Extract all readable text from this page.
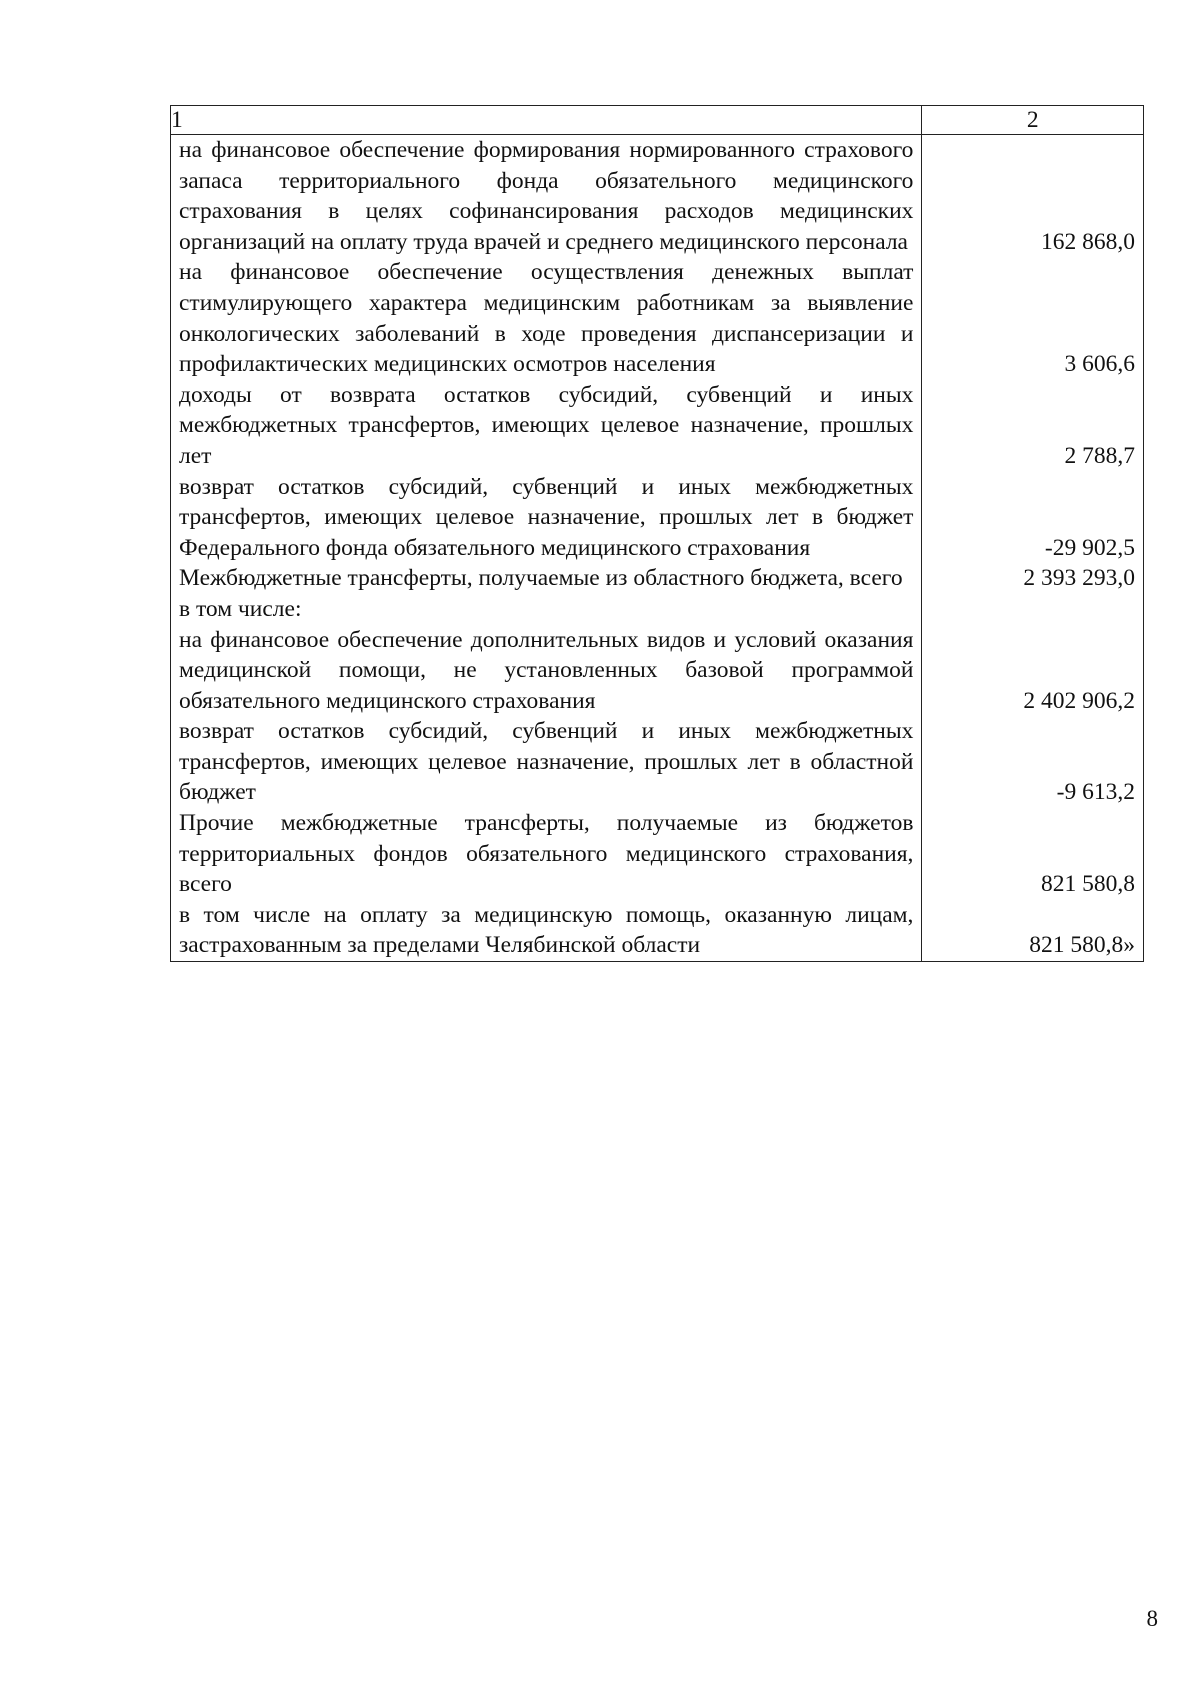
1	2
на финансовое обеспечение формирования нормированного страхового запаса территориального фонда обязательного медицинского страхования в целях софинансирования расходов медицинских организаций на оплату труда врачей и среднего медицинского персонала	162 868,0
на финансовое обеспечение осуществления денежных выплат стимулирующего характера медицинским работникам за выявление онкологических заболеваний в ходе проведения диспансеризации и профилактических медицинских осмотров населения	3 606,6
доходы от возврата остатков субсидий, субвенций и иных межбюджетных трансфертов, имеющих целевое назначение, прошлых лет	2 788,7
возврат остатков субсидий, субвенций и иных межбюджетных трансфертов, имеющих целевое назначение, прошлых лет в бюджет Федерального фонда обязательного медицинского страхования	-29 902,5
Межбюджетные трансферты, получаемые из областного бюджета, всего	2 393 293,0
в том числе:	
на финансовое обеспечение дополнительных видов и условий оказания медицинской помощи, не установленных базовой программой обязательного медицинского страхования	2 402 906,2
возврат остатков субсидий, субвенций и иных межбюджетных трансфертов, имеющих целевое назначение, прошлых лет в областной бюджет	-9 613,2
Прочие межбюджетные трансферты, получаемые из бюджетов территориальных фондов обязательного медицинского страхования, всего	821 580,8
в том числе на оплату за медицинскую помощь, оказанную лицам, застрахованным за пределами Челябинской области	821 580,8»
8
